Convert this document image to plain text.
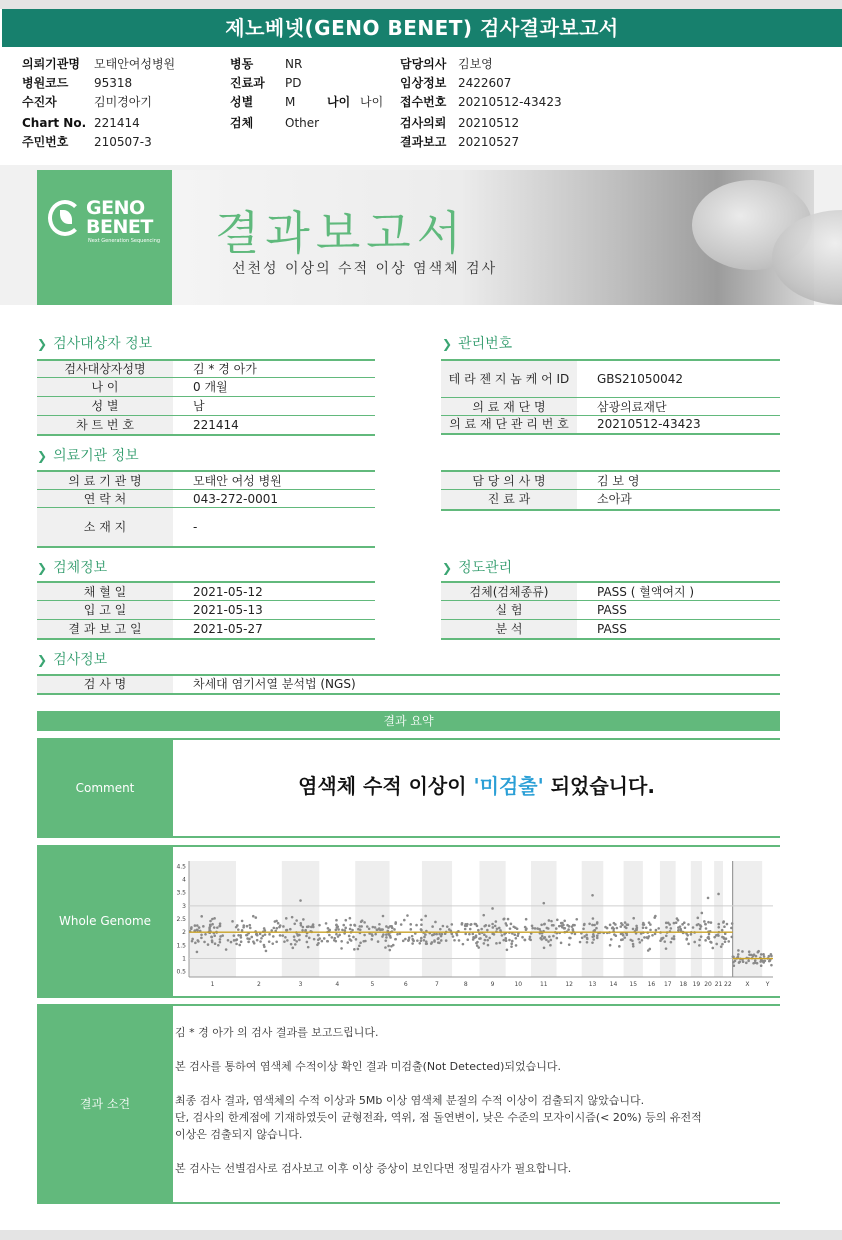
제노베넷(GENO BENET) 검사결과보고서
의뢰기관명	모태안여성병원
병원코드	95318
수진자	김미경아기
Chart No. 221414
주민번호	210507-3
병동	NR
진료과	PD
성별	M
검체	Other
나이 나이
담당의사 김보영
임상정보 2422607
접수번호 20210512-43423
검사의뢰 20210512
결과보고 20210527
GENO
BENET
Next Generation Sequencing 결과보고서
선천성 이상의 수적 이상 염색체 검사
❯ 검사대상자 정보	❯ 관리번호
❯ 의료기관 정보
❯ 검체정보	❯ 정도관리
❯ 검사정보
검사대상자성명	김 * 경 아가
나 이	0 개월
성 별	남
차 트 번 호	221414
테 라 젠 지 놈 케 어 ID	GBS21050042
의 료 재 단 명	삼광의료재단
의 료 재 단 관 리 번 호	20210512-43423
의 료 기 관 명	모태안 여성 병원
연 락 처	043-272-0001
소 재 지	-
담 당 의 사 명	김 보 영
진 료 과	소아과
채 혈 일	2021-05-12
입 고 일	2021-05-13
결 과 보 고 일	2021-05-27
검체(검체종류)	PASS ( 혈액여지 )
실 험	PASS
분 석	PASS
검 사 명	차세대 염기서열 분석법 (NGS)
결과 요약
Comment	염색체 수적 이상이 '미검출' 되었습니다.
Whole Genome
4.5
4
3.5
3
2.5
2
1.5
1
0.5
1	2	3	4	5	6	7	8	9	10	11	12	13 14 15 16 17 18 19 20 21 22 X	Y
결과 소견

김 * 경 아가 의 검사 결과를 보고드립니다.

본 검사를 통하여 염색체 수적이상 확인 결과 미검출(Not Detected)되었습니다.

최종 검사 결과, 염색체의 수적 이상과 5Mb 이상 염색체 분절의 수적 이상이 검출되지 않았습니다.

단, 검사의 한계점에 기재하였듯이 균형전좌, 역위, 점 돌연변이, 낮은 수준의 모자이시즘(< 20%) 등의 유전적

이상은 검출되지 않습니다.

본 검사는 선별검사로 검사보고 이후 이상 증상이 보인다면 정밀검사가 필요합니다.
